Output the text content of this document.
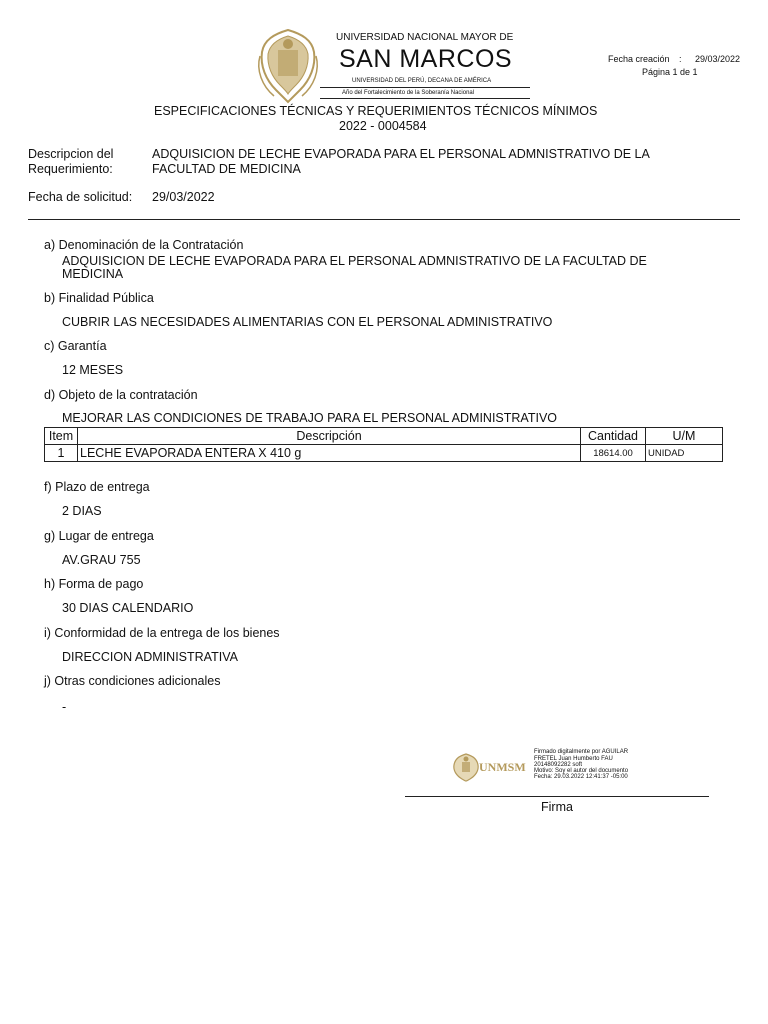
UNIVERSIDAD NACIONAL MAYOR DE
SAN MARCOS
UNIVERSIDAD DEL PERÚ, DECANA DE AMÉRICA
Año del Fortalecimiento de la Soberanía Nacional
Fecha creación : 29/03/2022
Página 1 de 1
ESPECIFICACIONES TÉCNICAS Y REQUERIMIENTOS TÉCNICOS MÍNIMOS
2022 - 0004584
Descripcion del
Requerimiento:
ADQUISICION DE LECHE EVAPORADA PARA EL PERSONAL ADMNISTRATIVO DE LA
FACULTAD DE MEDICINA
Fecha de solicitud: 29/03/2022
a) Denominación de la Contratación
ADQUISICION DE LECHE EVAPORADA PARA EL PERSONAL ADMNISTRATIVO DE LA FACULTAD DE
MEDICINA
b) Finalidad Pública
CUBRIR LAS NECESIDADES ALIMENTARIAS CON EL PERSONAL ADMINISTRATIVO
c) Garantía
12 MESES
d) Objeto de la contratación
MEJORAR LAS CONDICIONES DE TRABAJO PARA EL PERSONAL ADMINISTRATIVO
Item	Descripción	Cantidad	U/M
1	LECHE EVAPORADA ENTERA X 410 g	18614.00	UNIDAD
f) Plazo de entrega
2 DIAS
g) Lugar de entrega
AV.GRAU 755
h) Forma de pago
30 DIAS CALENDARIO
i) Conformidad de la entrega de los bienes
DIRECCION ADMINISTRATIVA
j) Otras condiciones adicionales
-
UNMSM
Firmado digitalmente por AGUILAR
FRETEL Juan Humberto FAU
20148092282 soft
Motivo: Soy el autor del documento
Fecha: 29.03.2022 12:41:37 -05:00
Firma
